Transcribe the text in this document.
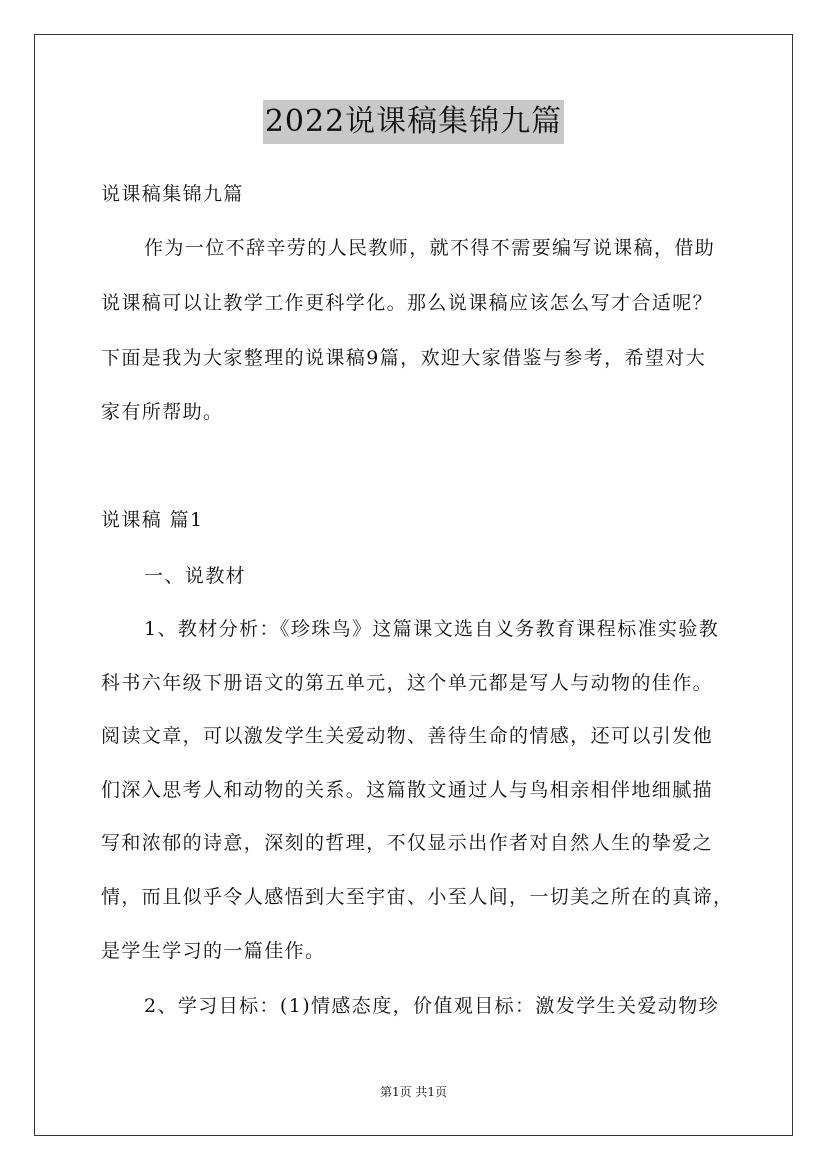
2022说课稿集锦九篇
说课稿集锦九篇
作为一位不辞辛劳的人民教师，就不得不需要编写说课稿，借助
说课稿可以让教学工作更科学化。那么说课稿应该怎么写才合适呢？
下面是我为大家整理的说课稿9篇，欢迎大家借鉴与参考，希望对大
家有所帮助。
说课稿 篇1
一、说教材
1、教材分析：《珍珠鸟》这篇课文选自义务教育课程标准实验教
科书六年级下册语文的第五单元，这个单元都是写人与动物的佳作。
阅读文章，可以激发学生关爱动物、善待生命的情感，还可以引发他
们深入思考人和动物的关系。这篇散文通过人与鸟相亲相伴地细腻描
写和浓郁的诗意，深刻的哲理，不仅显示出作者对自然人生的挚爱之
情，而且似乎令人感悟到大至宇宙、小至人间，一切美之所在的真谛，
是学生学习的一篇佳作。
2、学习目标：(1)情感态度，价值观目标：激发学生关爱动物珍
第1页 共1页
